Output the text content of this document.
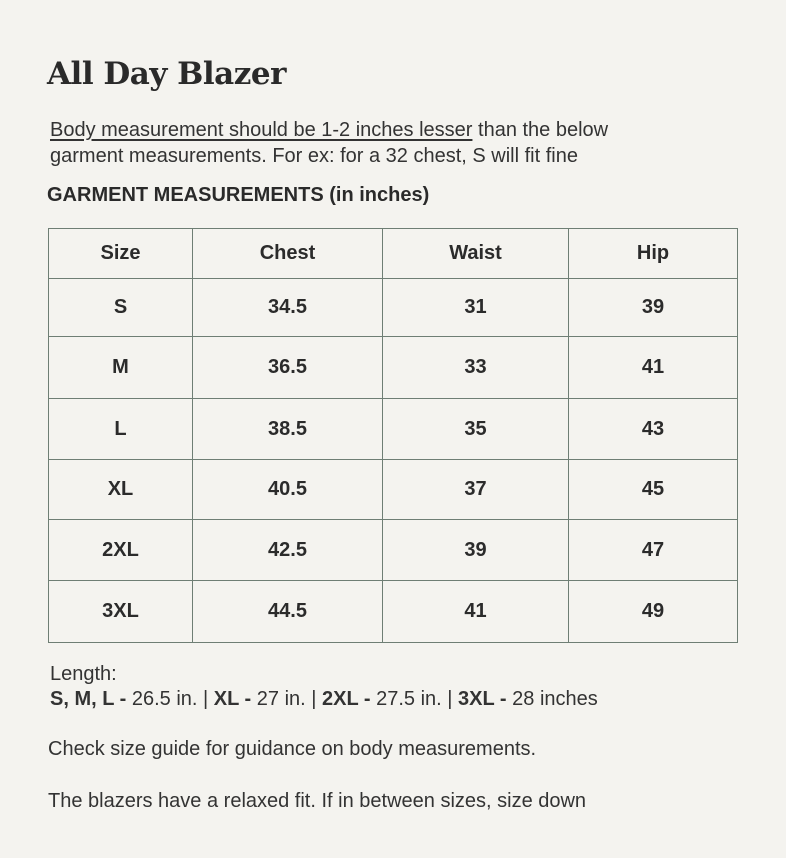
All Day Blazer
Body measurement should be 1-2 inches lesser than the below
garment measurements. For ex: for a 32 chest, S will fit fine
GARMENT MEASUREMENTS (in inches)
Size	Chest	Waist	Hip
S	34.5	31	39
M	36.5	33	41
L	38.5	35	43
XL	40.5	37	45
2XL	42.5	39	47
3XL	44.5	41	49
Length:
S, M, L - 26.5 in. | XL - 27 in. | 2XL - 27.5 in. | 3XL - 28 inches
Check size guide for guidance on body measurements.
The blazers have a relaxed fit. If in between sizes, size down
